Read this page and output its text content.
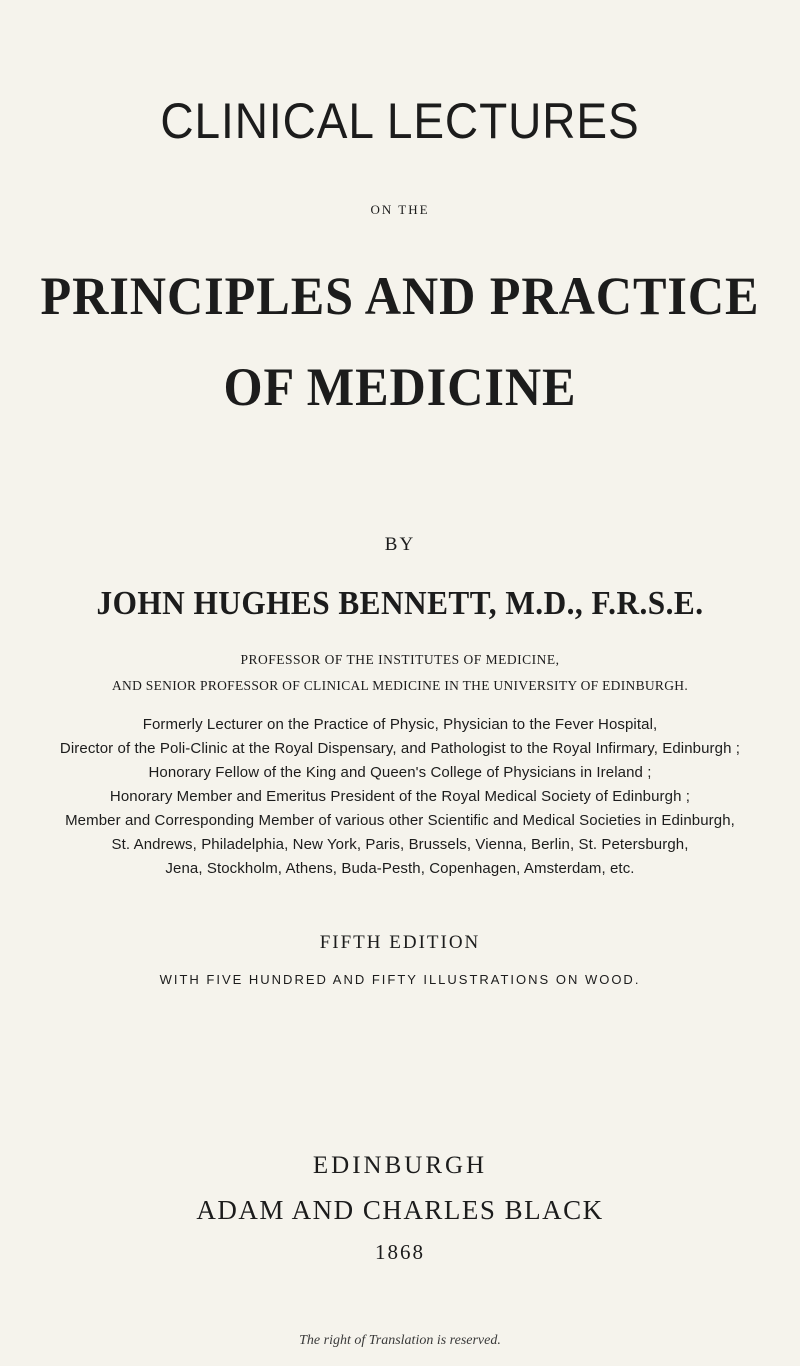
CLINICAL LECTURES
ON THE
PRINCIPLES AND PRACTICE
OF MEDICINE
BY
JOHN HUGHES BENNETT, M.D., F.R.S.E.
PROFESSOR OF THE INSTITUTES OF MEDICINE,
AND SENIOR PROFESSOR OF CLINICAL MEDICINE IN THE UNIVERSITY OF EDINBURGH.
Formerly Lecturer on the Practice of Physic, Physician to the Fever Hospital,
Director of the Poli-Clinic at the Royal Dispensary, and Pathologist to the Royal Infirmary, Edinburgh ;
Honorary Fellow of the King and Queen's College of Physicians in Ireland ;
Honorary Member and Emeritus President of the Royal Medical Society of Edinburgh ;
Member and Corresponding Member of various other Scientific and Medical Societies in Edinburgh,
St. Andrews, Philadelphia, New York, Paris, Brussels, Vienna, Berlin, St. Petersburgh,
Jena, Stockholm, Athens, Buda-Pesth, Copenhagen, Amsterdam, etc.
FIFTH EDITION
WITH FIVE HUNDRED AND FIFTY ILLUSTRATIONS ON WOOD.
EDINBURGH
ADAM AND CHARLES BLACK
1868
The right of Translation is reserved.
